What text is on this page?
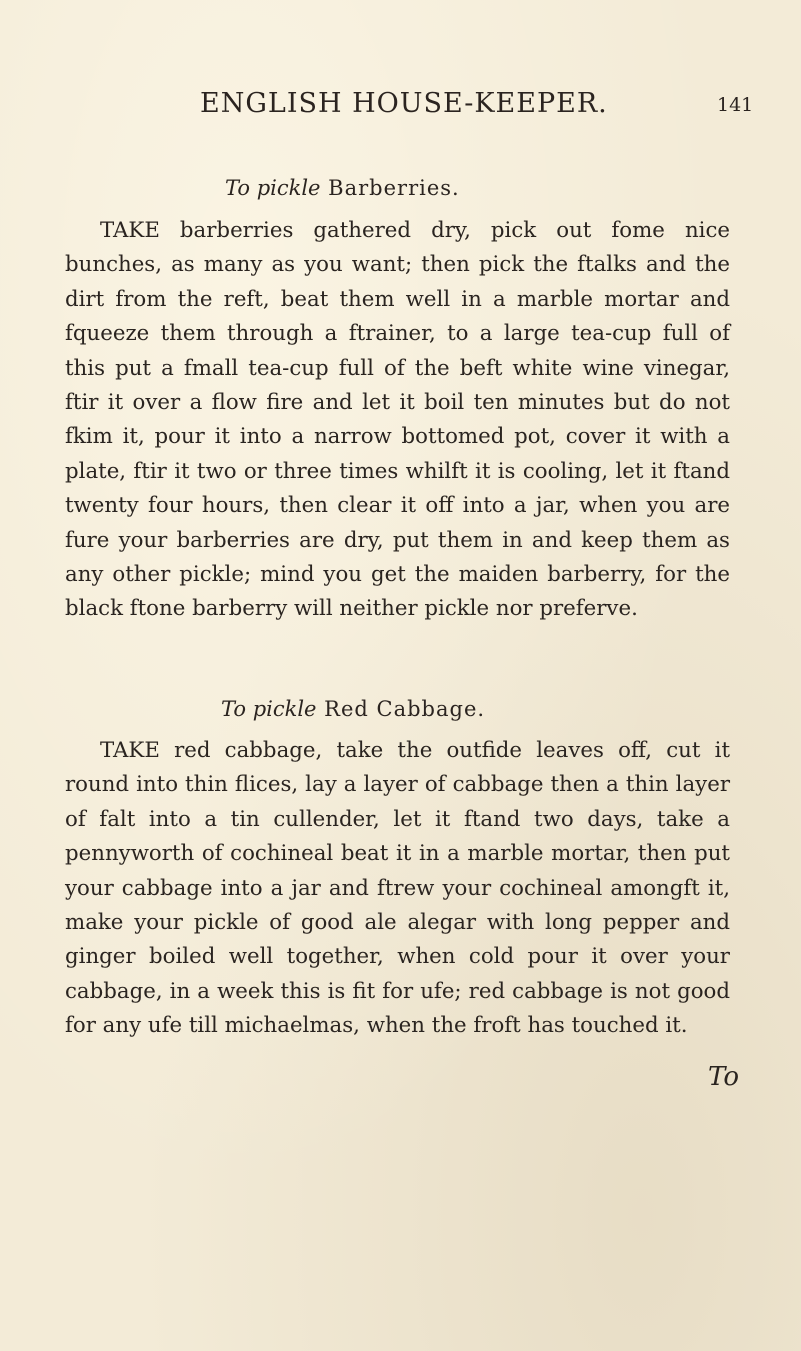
ENGLISH HOUSE-KEEPER.	141
To pickle Barberries.
TAKE barberries gathered dry, pick out fome nice bunches, as many as you want; then pick the ftalks and the dirt from the reft, beat them well in a marble mortar and fqueeze them through a ftrainer, to a large tea-cup full of this put a fmall tea-cup full of the beft white wine vinegar, ftir it over a flow fire and let it boil ten minutes but do not fkim it, pour it into a narrow bottomed pot, cover it with a plate, ftir it two or three times whilft it is cooling, let it ftand twenty four hours, then clear it off into a jar, when you are fure your barberries are dry, put them in and keep them as any other pickle; mind you get the maiden barberry, for the black ftone barberry will neither pickle nor preferve.
To pickle Red Cabbage.
TAKE red cabbage, take the outfide leaves off, cut it round into thin flices, lay a layer of cabbage then a thin layer of falt into a tin cullender, let it ftand two days, take a pennyworth of cochineal beat it in a marble mortar, then put your cabbage into a jar and ftrew your cochineal amongft it, make your pickle of good ale alegar with long pepper and ginger boiled well together, when cold pour it over your cabbage, in a week this is fit for ufe; red cabbage is not good for any ufe till michaelmas, when the froft has touched it.
To
